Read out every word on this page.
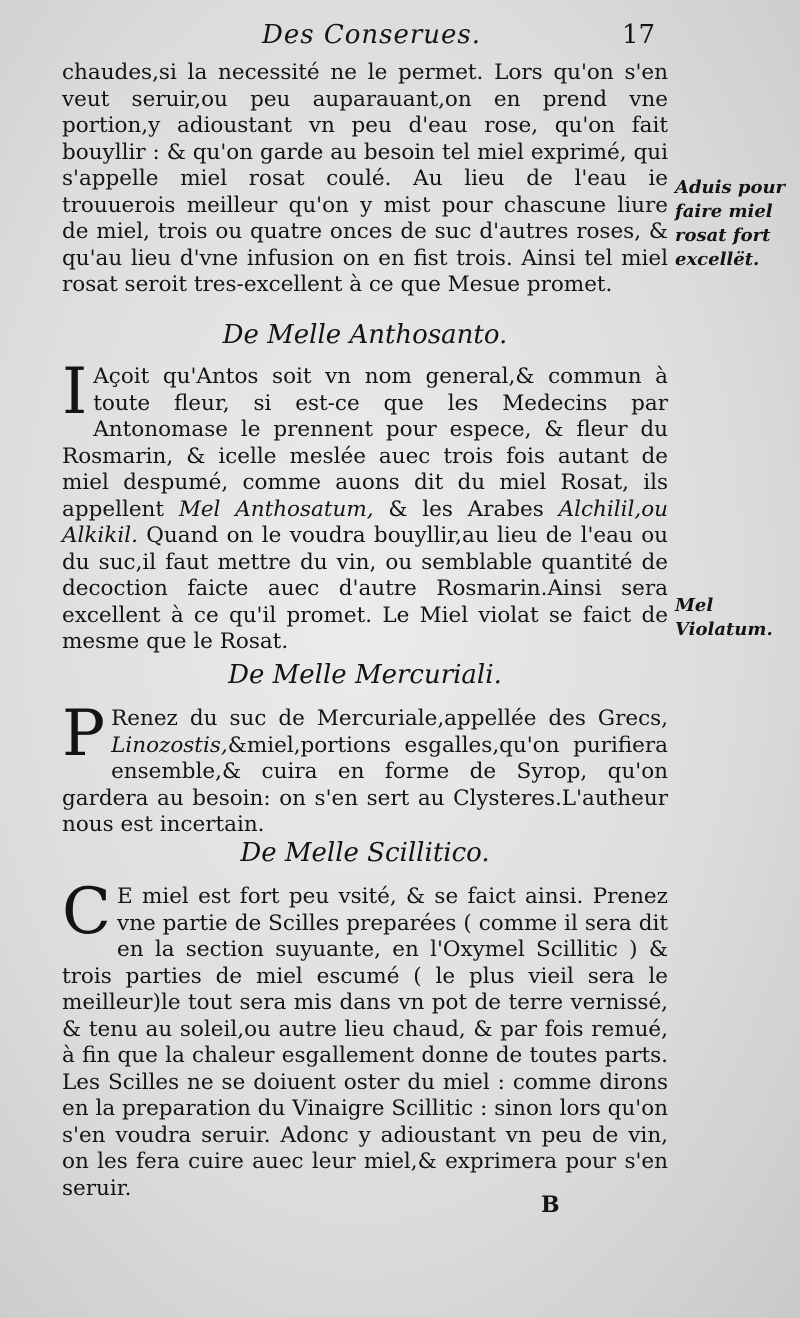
Des Conserues.	17

chaudes,si la necessité ne le permet. Lors qu'on s'en veut seruir,ou peu auparauant,on en prend vne portion,y adioustant vn peu d'eau rose, qu'on fait bouyllir : & qu'on garde au besoin tel miel exprimé, qui s'appelle miel rosat coulé. Au lieu de l'eau ie trouuerois meilleur qu'on y mist pour chascune liure de miel, trois ou quatre onces de suc d'autres roses, & qu'au lieu d'vne infusion on en fist trois. Ainsi tel miel rosat seroit tres-excellent à ce que Mesue promet.

De Melle Anthosanto.

I Açoit qu'Antos soit vn nom general,& commun à toute fleur, si est-ce que les Medecins par Antonomase le prennent pour espece, & fleur du Rosmarin, & icelle meslée auec trois fois autant de miel despumé, comme auons dit du miel Rosat, ils appellent Mel Anthosatum, & les Arabes Alchilil,ou Alkikil. Quand on le voudra bouyllir,au lieu de l'eau ou du suc,il faut mettre du vin, ou semblable quantité de decoction faicte auec d'autre Rosmarin.Ainsi sera excellent à ce qu'il promet. Le Miel violat se faict de mesme que le Rosat.

De Melle Mercuriali.

P Renez du suc de Mercuriale,appellée des Grecs, Linozostis,&miel,portions esgalles,qu'on purifiera ensemble,& cuira en forme de Syrop, qu'on gardera au besoin: on s'en sert au Clysteres.L'autheur nous est incertain.

De Melle Scillitico.

C E miel est fort peu vsité, & se faict ainsi. Prenez vne partie de Scilles preparées ( comme il sera dit en la section suyuante, en l'Oxymel Scillitic ) & trois parties de miel escumé ( le plus vieil sera le meilleur)le tout sera mis dans vn pot de terre vernissé, & tenu au soleil,ou autre lieu chaud, & par fois remué, à fin que la chaleur esgallement donne de toutes parts. Les Scilles ne se doiuent oster du miel : comme dirons en la preparation du Vinaigre Scillitic : sinon lors qu'on s'en voudra seruir. Adonc y adioustant vn peu de vin, on les fera cuire auec leur miel,& exprimera pour s'en seruir.

Aduis pour faire miel rosat fort excellët.
Mel Violatum.
B
